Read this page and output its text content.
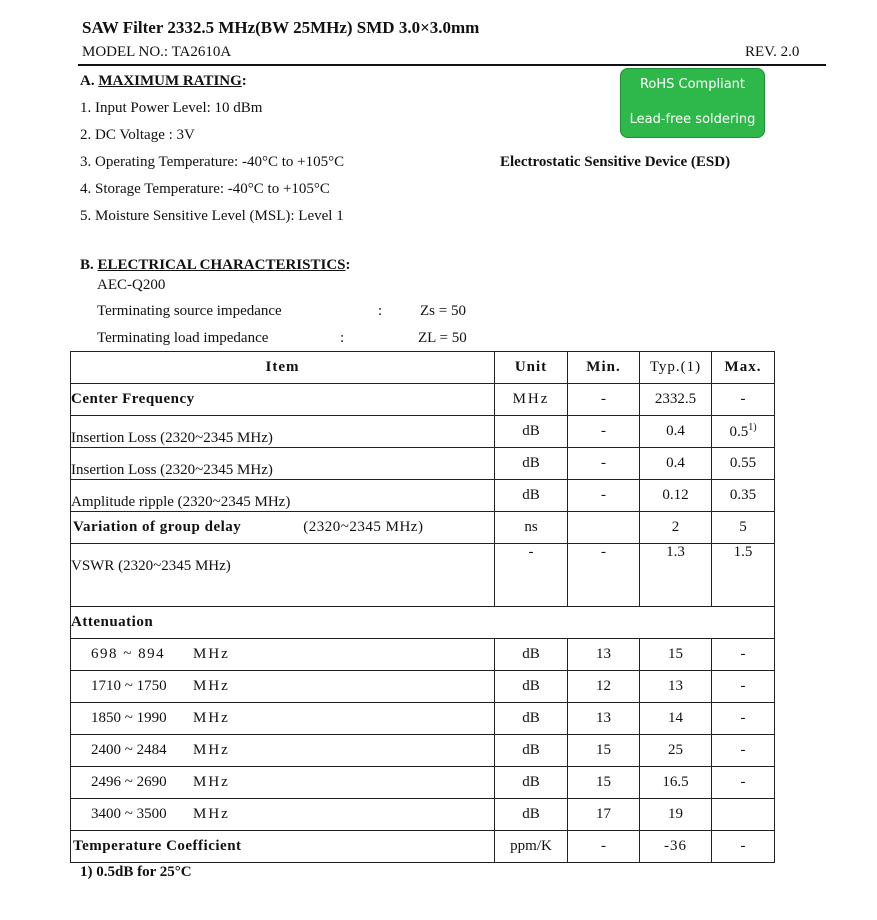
SAW Filter 2332.5 MHz(BW 25MHz) SMD 3.0×3.0mm
MODEL NO.: TA2610A	REV. 2.0
A. MAXIMUM RATING:
1. Input Power Level: 10 dBm
2. DC Voltage : 3V
3. Operating Temperature: -40°C to +105°C
4. Storage Temperature: -40°C to +105°C
5. Moisture Sensitive Level (MSL): Level 1
RoHS Compliant
Lead-free soldering
Electrostatic Sensitive Device (ESD)
B. ELECTRICAL CHARACTERISTICS:
AEC-Q200
Terminating source impedance	:	Zs = 50
Terminating load impedance	:	ZL = 50
Item	Unit	Min.	Typ.(1)	Max.
Center Frequency	MHz	-	2332.5	-
Insertion Loss (2320~2345 MHz)	dB	-	0.4	0.5$^{1)}$
Insertion Loss (2320~2345 MHz)	dB	-	0.4	0.55
Amplitude ripple (2320~2345 MHz)	dB	-	0.12	0.35
Variation of group delay (2320~2345 MHz)	ns		2	5
VSWR (2320~2345 MHz)	-	-	1.3	1.5

Attenuation				
698 ~ 894 MHz	dB	13	15	-
1710 ~ 1750 MHz	dB	12	13	-
1850 ~ 1990 MHz	dB	13	14	-
2400 ~ 2484 MHz	dB	15	25	-
2496 ~ 2690 MHz	dB	15	16.5	-
3400 ~ 3500 MHz	dB	17	19	
Temperature Coefficient	ppm/K	-	-36	-
1) 0.5dB for 25°C
